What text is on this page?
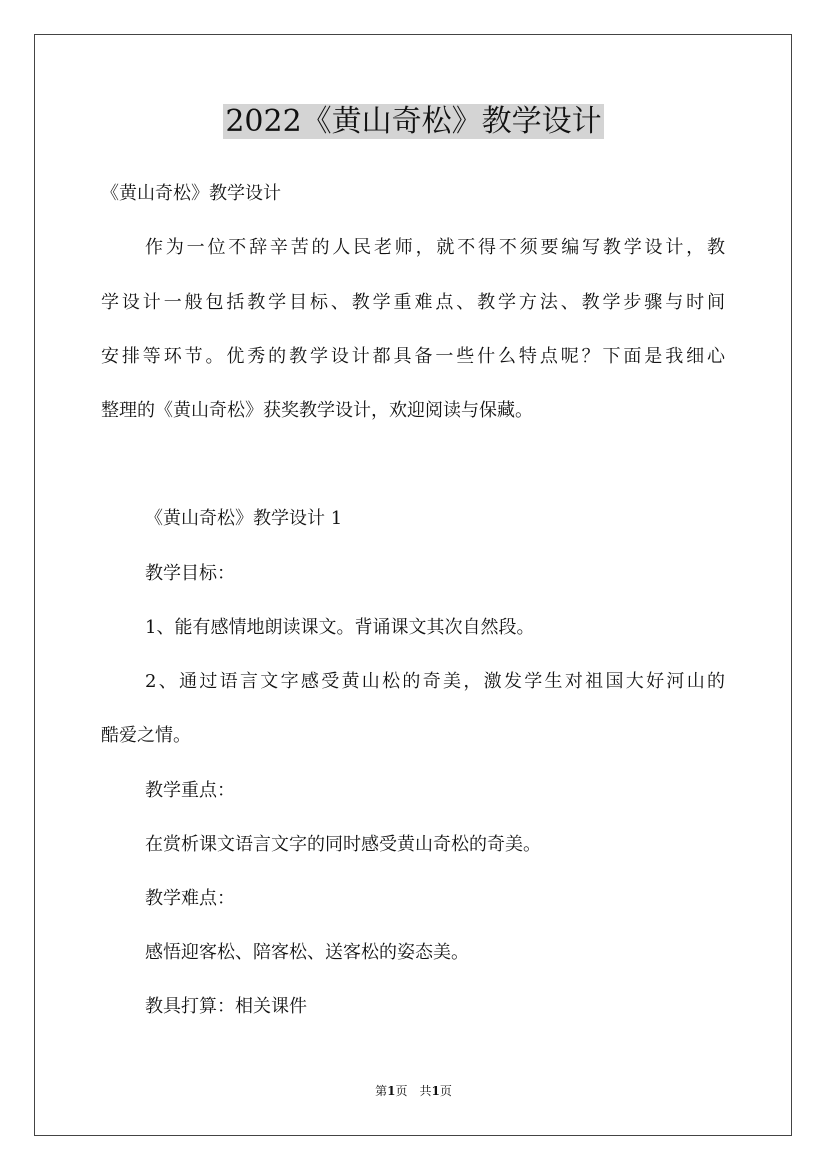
2022《黄山奇松》教学设计
《黄山奇松》教学设计
作为一位不辞辛苦的人民老师，就不得不须要编写教学设计，教
学设计一般包括教学目标、教学重难点、教学方法、教学步骤与时间
安排等环节。优秀的教学设计都具备一些什么特点呢？下面是我细心
整理的《黄山奇松》获奖教学设计，欢迎阅读与保藏。
《黄山奇松》教学设计 1
教学目标：
1、能有感情地朗读课文。背诵课文其次自然段。
2、通过语言文字感受黄山松的奇美，激发学生对祖国大好河山的
酷爱之情。
教学重点：
在赏析课文语言文字的同时感受黄山奇松的奇美。
教学难点：
感悟迎客松、陪客松、送客松的姿态美。
教具打算：相关课件
第1页　共1页
